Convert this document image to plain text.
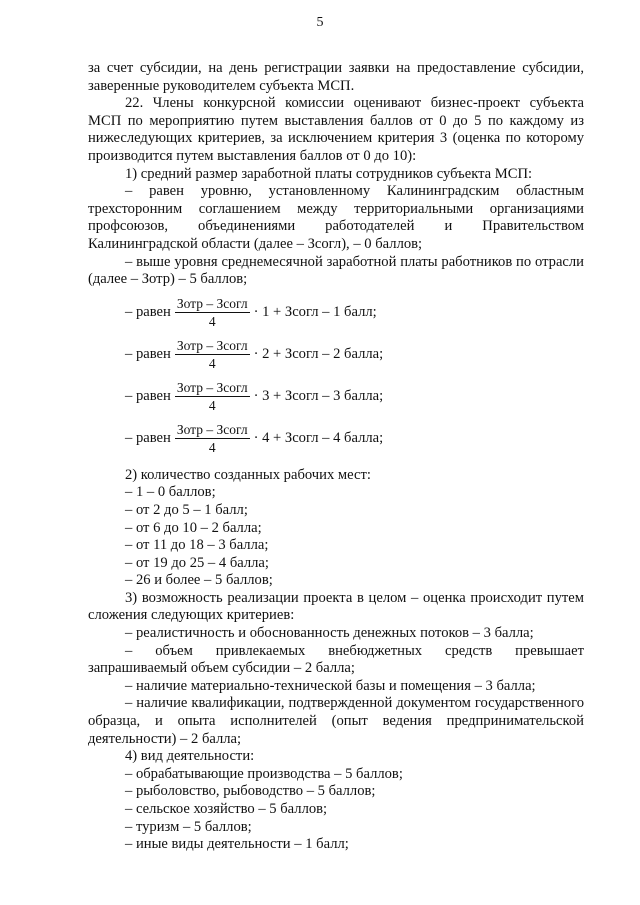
5

за счет субсидии, на день регистрации заявки на предоставление субсидии,

заверенные руководителем субъекта МСП.

22. Члены конкурсной комиссии оценивают бизнес-проект субъекта МСП по мероприятию путем выставления баллов от 0 до 5 по каждому из нижеследующих критериев, за исключением критерия 3 (оценка по которому производится путем выставления баллов от 0 до 10):

1) средний размер заработной платы сотрудников субъекта МСП:

– равен уровню, установленному Калининградским областным трехсторонним соглашением между территориальными организациями профсоюзов, объединениями работодателей и Правительством Калининградской области (далее – Зсогл), – 0 баллов;

– выше уровня среднемесячной заработной платы работников по отрасли (далее – Зотр) – 5 баллов;

– равен $\frac{\text{Зотр – Зсогл}}{4} \cdot 1$ + Зсогл – 1 балл;
– равен $\frac{\text{Зотр – Зсогл}}{4} \cdot 2$ + Зсогл – 2 балла;
– равен $\frac{\text{Зотр – Зсогл}}{4} \cdot 3$ + Зсогл – 3 балла;
– равен $\frac{\text{Зотр – Зсогл}}{4} \cdot 4$ + Зсогл – 4 балла;

2) количество созданных рабочих мест:

– 1 – 0 баллов;

– от 2 до 5 – 1 балл;

– от 6 до 10 – 2 балла;

– от 11 до 18 – 3 балла;

– от 19 до 25 – 4 балла;

– 26 и более – 5 баллов;

3) возможность реализации проекта в целом – оценка происходит путем сложения следующих критериев:

– реалистичность и обоснованность денежных потоков – 3 балла;

– объем привлекаемых внебюджетных средств превышает запрашиваемый объем субсидии – 2 балла;

– наличие материально-технической базы и помещения – 3 балла;

– наличие квалификации, подтвержденной документом государственного образца, и опыта исполнителей (опыт ведения предпринимательской деятельности) – 2 балла;

4) вид деятельности:

– обрабатывающие производства – 5 баллов;

– рыболовство, рыбоводство – 5 баллов;

– сельское хозяйство – 5 баллов;

– туризм – 5 баллов;

– иные виды деятельности – 1 балл;
